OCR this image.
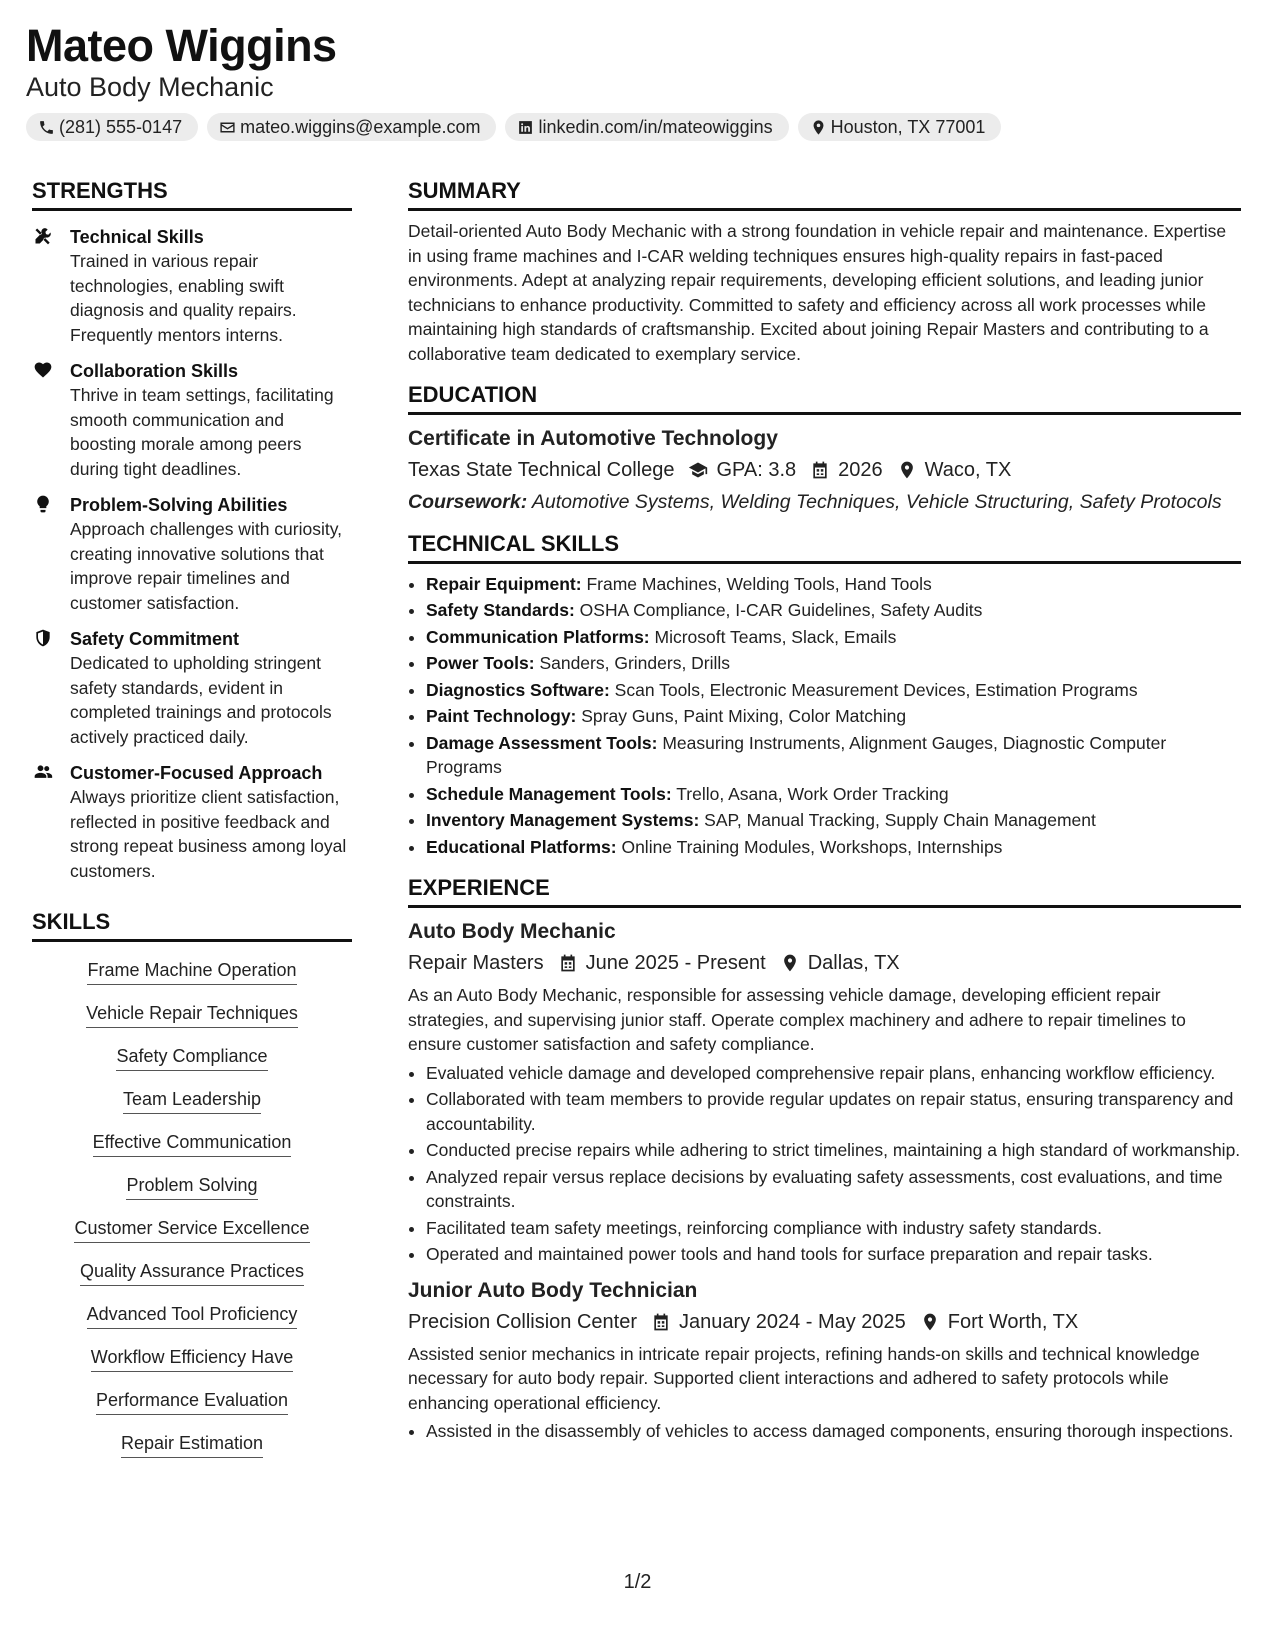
Mateo Wiggins
Auto Body Mechanic
(281) 555-0147	mateo.wiggins@example.com	linkedin.com/in/mateowiggins	Houston, TX 77001
STRENGTHS
Technical Skills
Trained in various repair technologies, enabling swift diagnosis and quality repairs. Frequently mentors interns.
Collaboration Skills
Thrive in team settings, facilitating smooth communication and boosting morale among peers during tight deadlines.
Problem-Solving Abilities
Approach challenges with curiosity, creating innovative solutions that improve repair timelines and customer satisfaction.
Safety Commitment
Dedicated to upholding stringent safety standards, evident in completed trainings and protocols actively practiced daily.
Customer-Focused Approach
Always prioritize client satisfaction, reflected in positive feedback and strong repeat business among loyal customers.
SKILLS
Frame Machine Operation
Vehicle Repair Techniques
Safety Compliance
Team Leadership
Effective Communication
Problem Solving
Customer Service Excellence
Quality Assurance Practices
Advanced Tool Proficiency
Workflow Efficiency Have
Performance Evaluation
Repair Estimation
SUMMARY

Detail-oriented Auto Body Mechanic with a strong foundation in vehicle repair and maintenance. Expertise in using frame machines and I-CAR welding techniques ensures high-quality repairs in fast-paced environments. Adept at analyzing repair requirements, developing efficient solutions, and leading junior technicians to enhance productivity. Committed to safety and efficiency across all work processes while maintaining high standards of craftsmanship. Excited about joining Repair Masters and contributing to a collaborative team dedicated to exemplary service.

EDUCATION
Certificate in Automotive Technology
Texas State Technical College GPA: 3.8 2026 Waco, TX
Coursework: Automotive Systems, Welding Techniques, Vehicle Structuring, Safety Protocols
TECHNICAL SKILLS
• Repair Equipment: Frame Machines, Welding Tools, Hand Tools
• Safety Standards: OSHA Compliance, I-CAR Guidelines, Safety Audits
• Communication Platforms: Microsoft Teams, Slack, Emails
• Power Tools: Sanders, Grinders, Drills
• Diagnostics Software: Scan Tools, Electronic Measurement Devices, Estimation Programs
• Paint Technology: Spray Guns, Paint Mixing, Color Matching
• Damage Assessment Tools: Measuring Instruments, Alignment Gauges, Diagnostic Computer Programs
• Schedule Management Tools: Trello, Asana, Work Order Tracking
• Inventory Management Systems: SAP, Manual Tracking, Supply Chain Management
• Educational Platforms: Online Training Modules, Workshops, Internships
EXPERIENCE
Auto Body Mechanic
Repair Masters June 2025 - Present Dallas, TX
As an Auto Body Mechanic, responsible for assessing vehicle damage, developing efficient repair strategies, and supervising junior staff. Operate complex machinery and adhere to repair timelines to ensure customer satisfaction and safety compliance.
• Evaluated vehicle damage and developed comprehensive repair plans, enhancing workflow efficiency.
• Collaborated with team members to provide regular updates on repair status, ensuring transparency and accountability.
• Conducted precise repairs while adhering to strict timelines, maintaining a high standard of workmanship.
• Analyzed repair versus replace decisions by evaluating safety assessments, cost evaluations, and time constraints.
• Facilitated team safety meetings, reinforcing compliance with industry safety standards.
• Operated and maintained power tools and hand tools for surface preparation and repair tasks.
Junior Auto Body Technician
Precision Collision Center January 2024 - May 2025 Fort Worth, TX
Assisted senior mechanics in intricate repair projects, refining hands-on skills and technical knowledge necessary for auto body repair. Supported client interactions and adhered to safety protocols while enhancing operational efficiency.
• Assisted in the disassembly of vehicles to access damaged components, ensuring thorough inspections.
1/2
